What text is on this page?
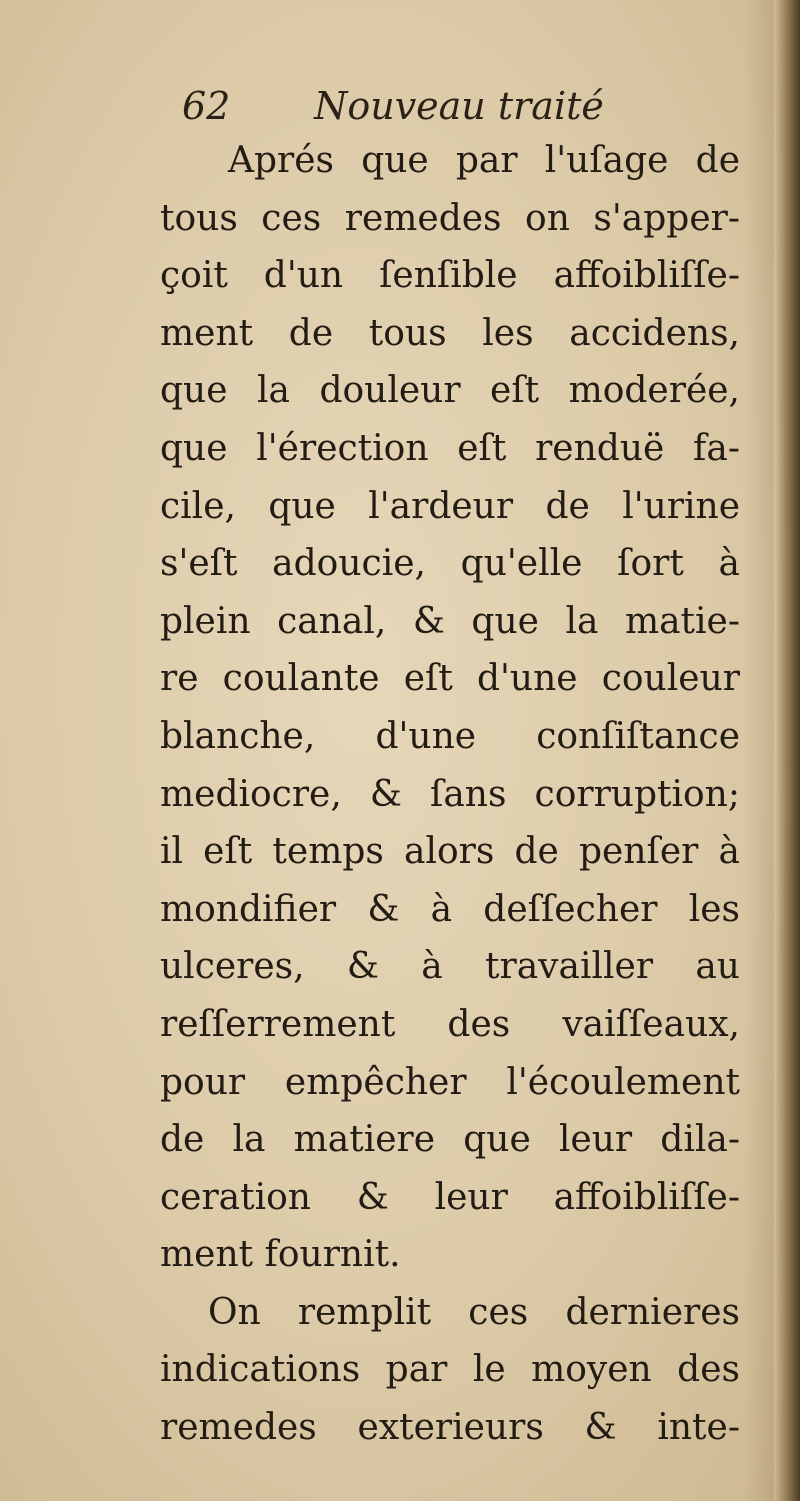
62 Nouveau traité
Aprés que par l'uſage de
tous ces remedes on s'apper-
çoit d'un ſenſible affoibliſſe-
ment de tous les accidens,
que la douleur eſt moderée,
que l'érection eſt renduë fa-
cile, que l'ardeur de l'urine
s'eſt adoucie, qu'elle ſort à
plein canal, & que la matie-
re coulante eſt d'une couleur
blanche, d'une conſiſtance
mediocre, & ſans corruption;
il eſt temps alors de penſer à
mondifier & à deſſecher les
ulceres, & à travailler au
reſſerrement des vaiſſeaux,
pour empêcher l'écoulement
de la matiere que leur dila-
ceration & leur affoibliſſe-
ment fournit.
On remplit ces dernieres
indications par le moyen des
remedes exterieurs & inte-
